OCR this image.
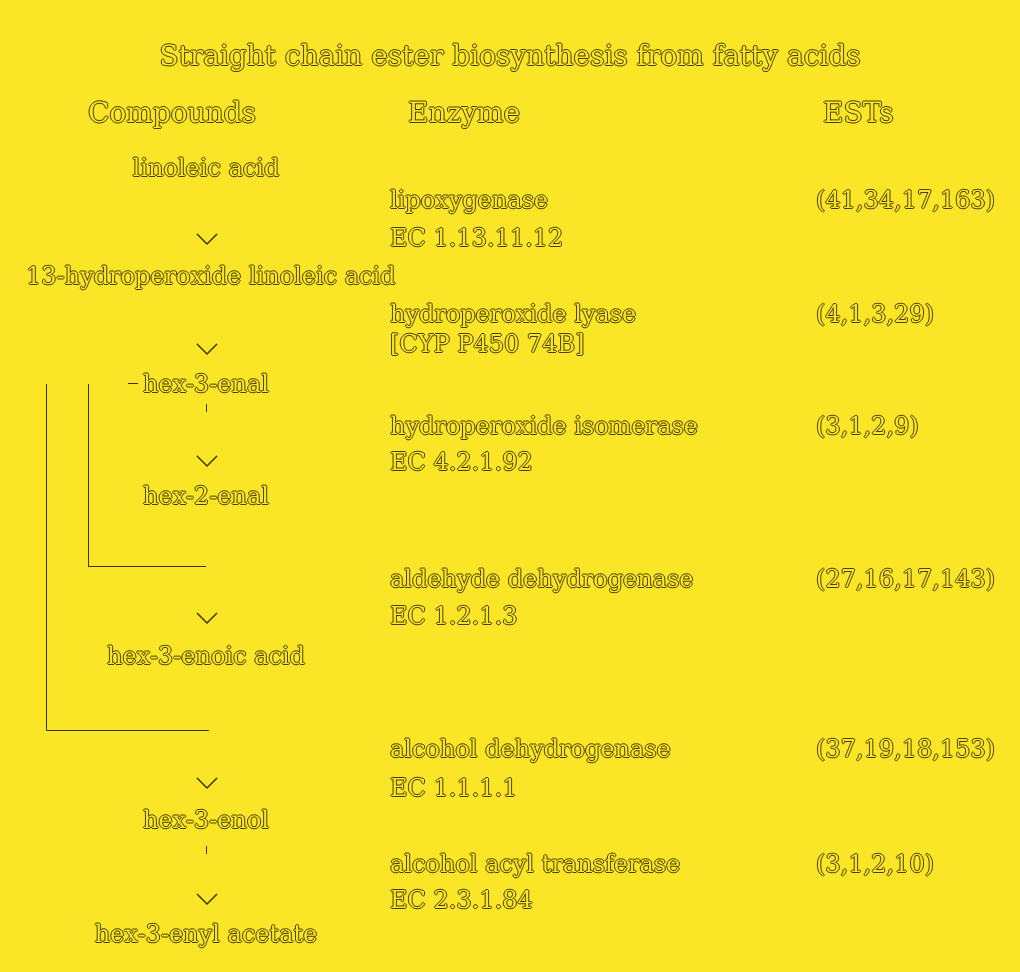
Straight chain ester biosynthesis from fatty acids
Compounds	Enzyme	ESTs
linoleic acid
13-hydroperoxide linoleic acid
hex-3-enal
hex-2-enal
hex-3-enoic acid
hex-3-enol
hex-3-enyl acetate
lipoxygenase
EC 1.13.11.12
(41,34,17,163)
hydroperoxide lyase
[CYP P450 74B]
(4,1,3,29)
hydroperoxide isomerase
EC 4.2.1.92
(3,1,2,9)
aldehyde dehydrogenase
EC 1.2.1.3
(27,16,17,143)
alcohol dehydrogenase
EC 1.1.1.1
(37,19,18,153)
alcohol acyl transferase
EC 2.3.1.84
(3,1,2,10)
